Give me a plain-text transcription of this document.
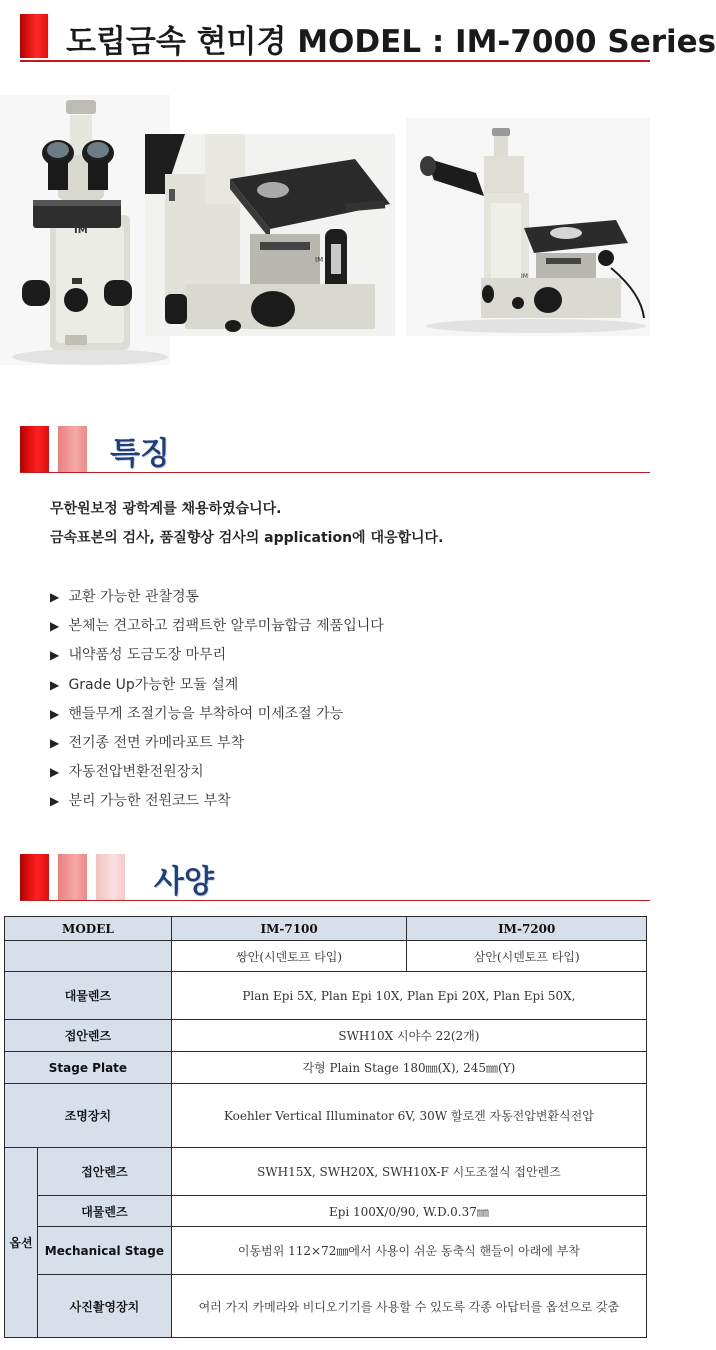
도립금속 현미경 MODEL : IM-7000 Series
IM
IM
IM
특징
무한원보정 광학계를 채용하였습니다.
금속표본의 검사, 품질향상 검사의 application에 대응합니다.
▶ 교환 가능한 관찰경통
▶ 본체는 견고하고 컴팩트한 알루미늄합금 제품입니다
▶ 내약품성 도금도장 마무리
▶ Grade Up가능한 모듈 설계
▶ 핸들무게 조절기능을 부착하여 미세조절 가능
▶ 전기종 전면 카메라포트 부착
▶ 자동전압변환전원장치
▶ 분리 가능한 전원코드 부착
사양
MODEL		IM-7100	IM-7200
		쌍안(시덴토프 타입)	삼안(시덴토프 타입)
대물렌즈		Plan Epi 5X, Plan Epi 10X, Plan Epi 20X, Plan Epi 50X,	
접안렌즈		SWH10X 시야수 22(2개)	
Stage Plate		각형 Plain Stage 180㎜(X), 245㎜(Y)	
조명장치		Koehler Vertical Illuminator 6V, 30W 할로겐 자동전압변환식전압	
옵션	접안렌즈	SWH15X, SWH20X, SWH10X-F 시도조절식 접안렌즈	
	대물렌즈	Epi 100X/0/90, W.D.0.37㎜	
	Mechanical Stage	이동범위 112×72㎜에서 사용이 쉬운 동축식 핸들이 아래에 부착	
	사진촬영장치	여러 가지 카메라와 비디오기기를 사용할 수 있도록 각종 아답터를 옵션으로 갖춤	
